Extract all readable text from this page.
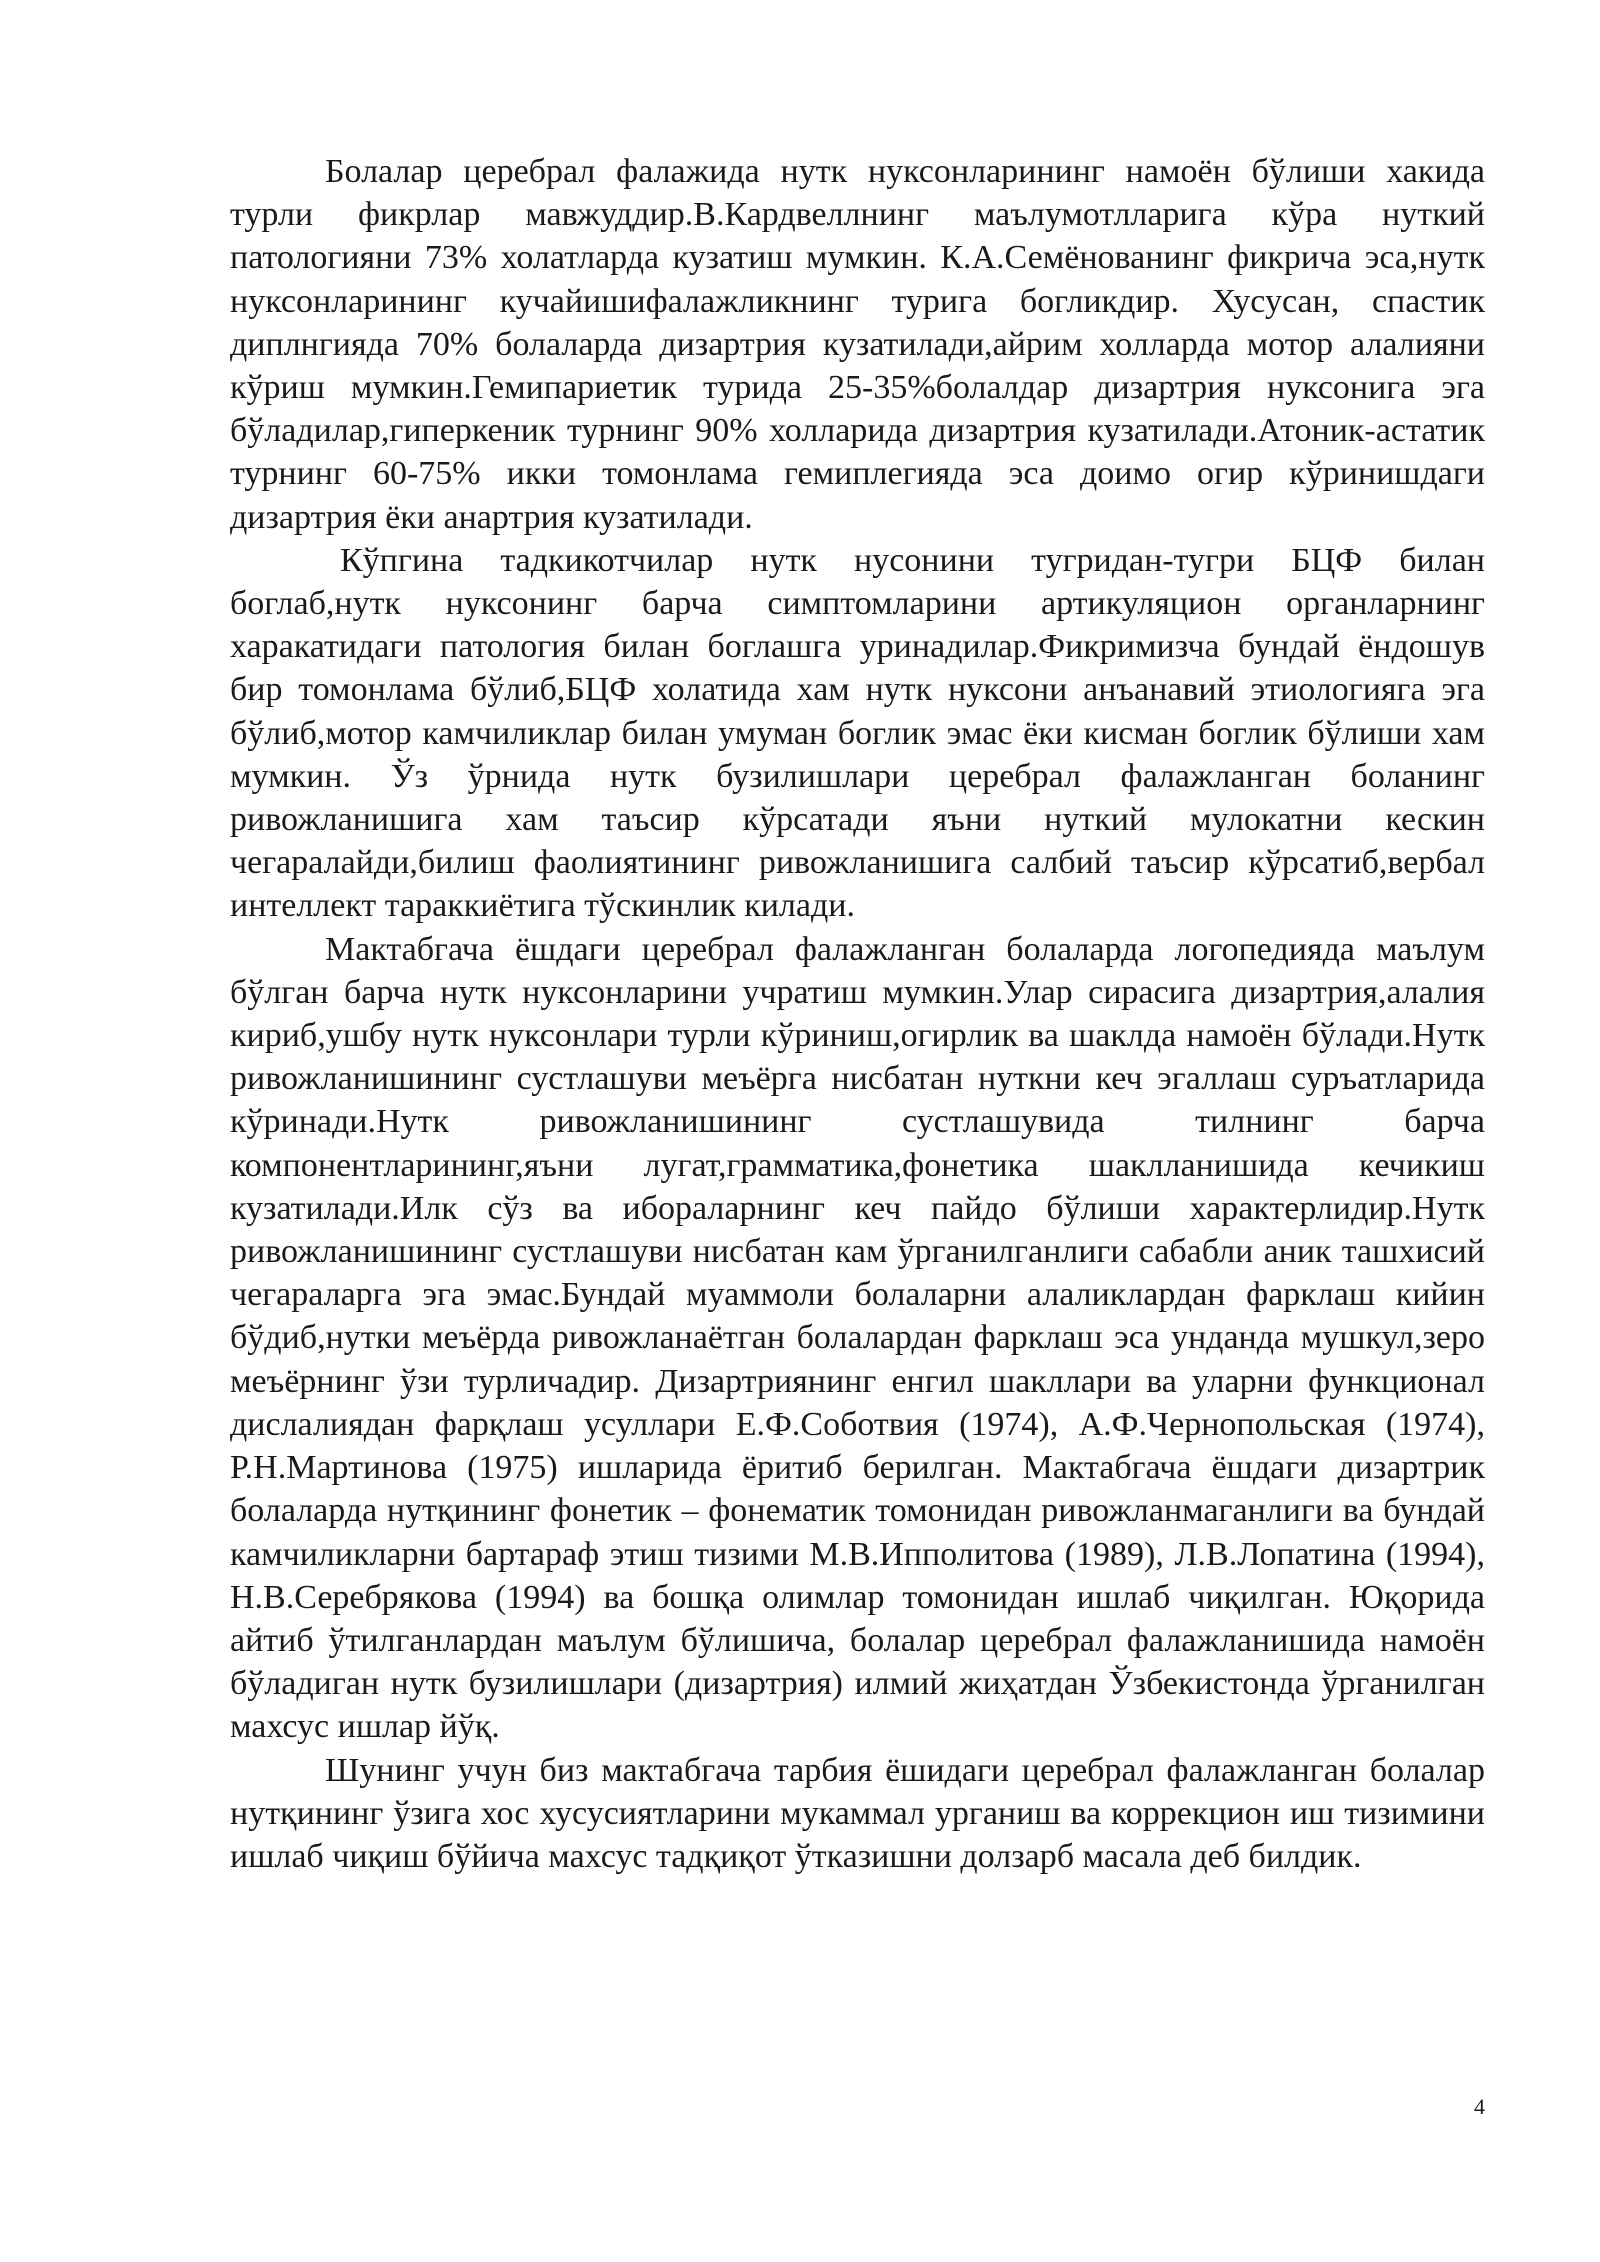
Болалар церебрал фалажида нутк нуксонларининг намоён бўлиши хакида турли фикрлар мавжуддир.В.Кардвеллнинг маълумотлларига кўра нуткий патологияни 73% холатларда кузатиш мумкин. К.А.Семёнованинг фикрича эса,нутк нуксонларининг кучайишифалажликнинг турига богликдир. Хусусан, спастик диплнгияда 70% болаларда дизартрия кузатилади,айрим холларда мотор алалияни кўриш мумкин.Гемипариетик турида 25-35%болалдар дизартрия нуксонига эга бўладилар,гиперкеник турнинг 90% холларида дизартрия кузатилади.Атоник-астатик турнинг 60-75% икки томонлама гемиплегияда эса доимо огир кўринишдаги дизартрия ёки анартрия кузатилади.

Кўпгина тадкикотчилар нутк нусонини тугридан-тугри БЦФ билан боглаб,нутк нуксонинг барча симптомларини артикуляцион органларнинг харакатидаги патология билан боглашга уринадилар.Фикримизча бундай ёндошув бир томонлама бўлиб,БЦФ холатида хам нутк нуксони анъанавий этиологияга эга бўлиб,мотор камчиликлар билан умуман боглик эмас ёки кисман боглик бўлиши хам мумкин. Ўз ўрнида нутк бузилишлари церебрал фалажланган боланинг ривожланишига хам таъсир кўрсатади яъни нуткий мулокатни кескин чегаралайди,билиш фаолиятининг ривожланишига салбий таъсир кўрсатиб,вербал интеллект тараккиётига тўскинлик килади.

Мактабгача ёшдаги церебрал фалажланган болаларда логопедияда маълум бўлган барча нутк нуксонларини учратиш мумкин.Улар сирасига дизартрия,алалия кириб,ушбу нутк нуксонлари турли кўриниш,огирлик ва шаклда намоён бўлади.Нутк ривожланишининг сустлашуви меъёрга нисбатан нуткни кеч эгаллаш суръатларида кўринади.Нутк ривожланишининг сустлашувида тилнинг барча компонентларининг,яъни лугат,грамматика,фонетика шаклланишида кечикиш кузатилади.Илк сўз ва ибораларнинг кеч пайдо бўлиши характерлидир.Нутк ривожланишининг сустлашуви нисбатан кам ўрганилганлиги сабабли аник ташхисий чегараларга эга эмас.Бундай муаммоли болаларни алаликлардан фарклаш кийин бўдиб,нутки меъёрда ривожланаётган болалардан фарклаш эса унданда мушкул,зеро меъёрнинг ўзи турличадир. Дизартриянинг енгил шакллари ва уларни функционал дислалиядан фарқлаш усуллари Е.Ф.Соботвия (1974), А.Ф.Чернопольская (1974), Р.Н.Мартинова (1975) ишларида ёритиб берилган. Мактабгача ёшдаги дизартрик болаларда нутқининг фонетик – фонематик томонидан ривожланмаганлиги ва бундай камчиликларни бартараф этиш тизими М.В.Ипполитова (1989), Л.В.Лопатина (1994), Н.В.Серебрякова (1994) ва бошқа олимлар томонидан ишлаб чиқилган. Юқорида айтиб ўтилганлардан маълум бўлишича, болалар церебрал фалажланишида намоён бўладиган нутк бузилишлари (дизартрия) илмий жиҳатдан Ўзбекистонда ўрганилган махсус ишлар йўқ.

Шунинг учун биз мактабгача тарбия ёшидаги церебрал фалажланган болалар нутқининг ўзига хос хусусиятларини мукаммал урганиш ва коррекцион иш тизимини ишлаб чиқиш бўйича махсус тадқиқот ўтказишни долзарб масала деб билдик.

4
